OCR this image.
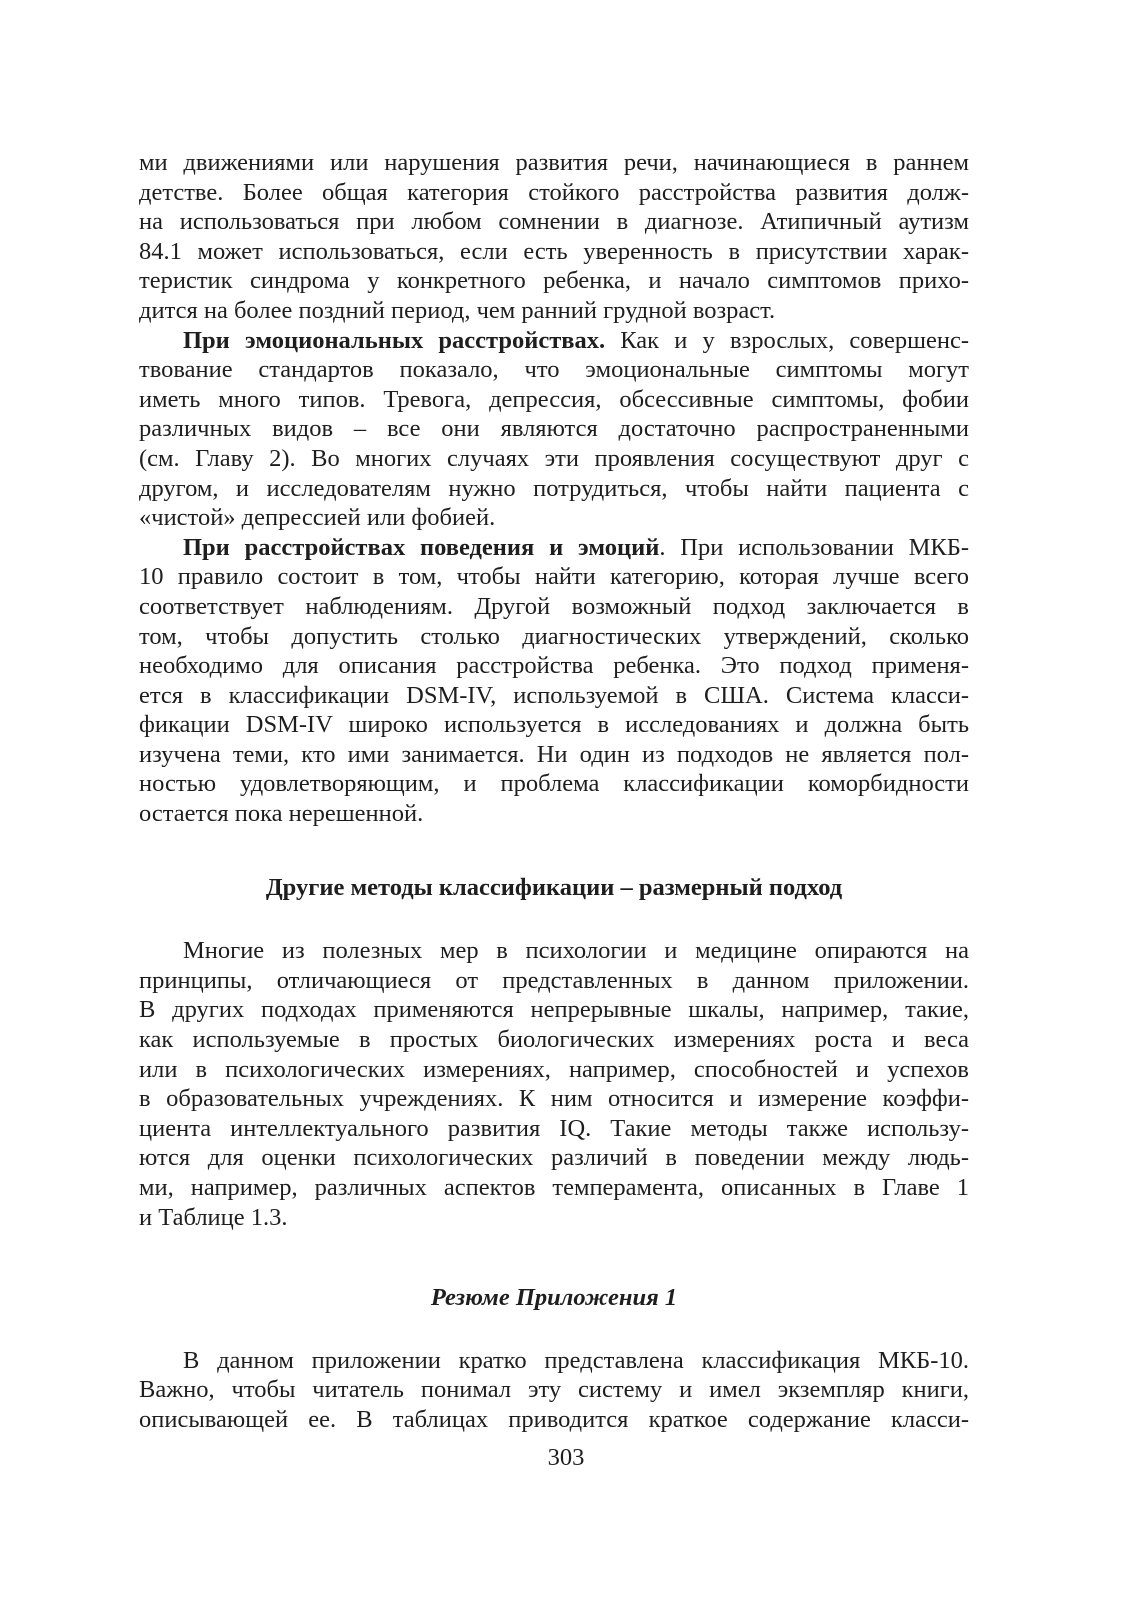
ми движениями или нарушения развития речи, начинающиеся в раннем
детстве. Более общая категория стойкого расстройства развития долж-
на использоваться при любом сомнении в диагнозе. Атипичный аутизм
84.1 может использоваться, если есть уверенность в присутствии харак-
теристик синдрома у конкретного ребенка, и начало симптомов прихо-
дится на более поздний период, чем ранний грудной возраст.
При эмоциональных расстройствах. Как и у взрослых, совершенс-
твование стандартов показало, что эмоциональные симптомы могут
иметь много типов. Тревога, депрессия, обсессивные симптомы, фобии
различных видов – все они являются достаточно распространенными
(см. Главу 2). Во многих случаях эти проявления сосуществуют друг с
другом, и исследователям нужно потрудиться, чтобы найти пациента с
«чистой» депрессией или фобией.
При расстройствах поведения и эмоций. При использовании МКБ-
10 правило состоит в том, чтобы найти категорию, которая лучше всего
соответствует наблюдениям. Другой возможный подход заключается в
том, чтобы допустить столько диагностических утверждений, сколько
необходимо для описания расстройства ребенка. Это подход применя-
ется в классификации DSM-IV, используемой в США. Система класси-
фикации DSM-IV широко используется в исследованиях и должна быть
изучена теми, кто ими занимается. Ни один из подходов не является пол-
ностью удовлетворяющим, и проблема классификации коморбидности
остается пока нерешенной.
Другие методы классификации – размерный подход
Многие из полезных мер в психологии и медицине опираются на
принципы, отличающиеся от представленных в данном приложении.
В других подходах применяются непрерывные шкалы, например, такие,
как используемые в простых биологических измерениях роста и веса
или в психологических измерениях, например, способностей и успехов
в образовательных учреждениях. К ним относится и измерение коэффи-
циента интеллектуального развития IQ. Такие методы также использу-
ются для оценки психологических различий в поведении между людь-
ми, например, различных аспектов темперамента, описанных в Главе 1
и Таблице 1.3.
Резюме Приложения 1
В данном приложении кратко представлена классификация МКБ-10.
Важно, чтобы читатель понимал эту систему и имел экземпляр книги,
описывающей ее. В таблицах приводится краткое содержание класси-
303
